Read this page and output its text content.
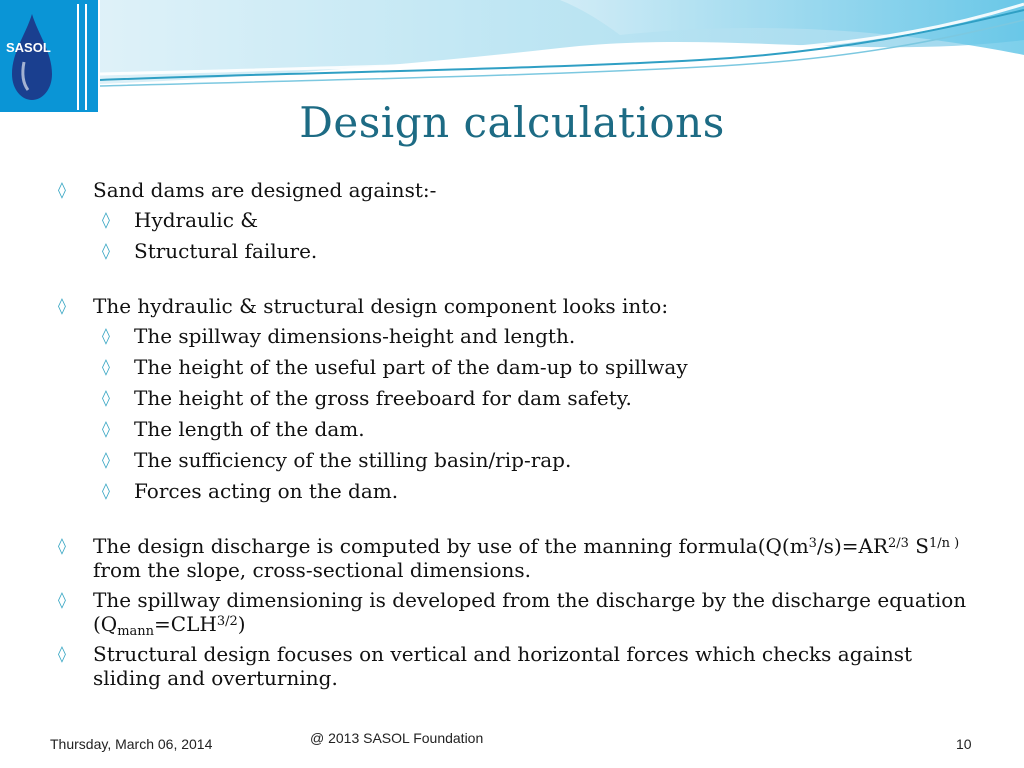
SASOL
Design calculations
◊ Sand dams are designed against:-
◊ Hydraulic &
◊ Structural failure.
◊ The hydraulic & structural design component looks into:
◊ The spillway dimensions-height and length.
◊ The height of the useful part of the dam-up to spillway
◊ The height of the gross freeboard for dam safety.
◊ The length of the dam.
◊ The sufficiency of the stilling basin/rip-rap.
◊ Forces acting on the dam.
◊ The design discharge is computed by use of the manning $formula(Q(m^3/s)=AR^{2/3}$ $S^{1/n )}$ from the slope, cross-sectional dimensions.
◊ The spillway dimensioning is developed from the discharge by the discharge equation $(Q_{mann}=CLH^{3/2})$
◊ Structural design focuses on vertical and horizontal forces which checks against sliding and overturning.
Thursday, March 06, 2014	@ 2013 SASOL Foundation	10
